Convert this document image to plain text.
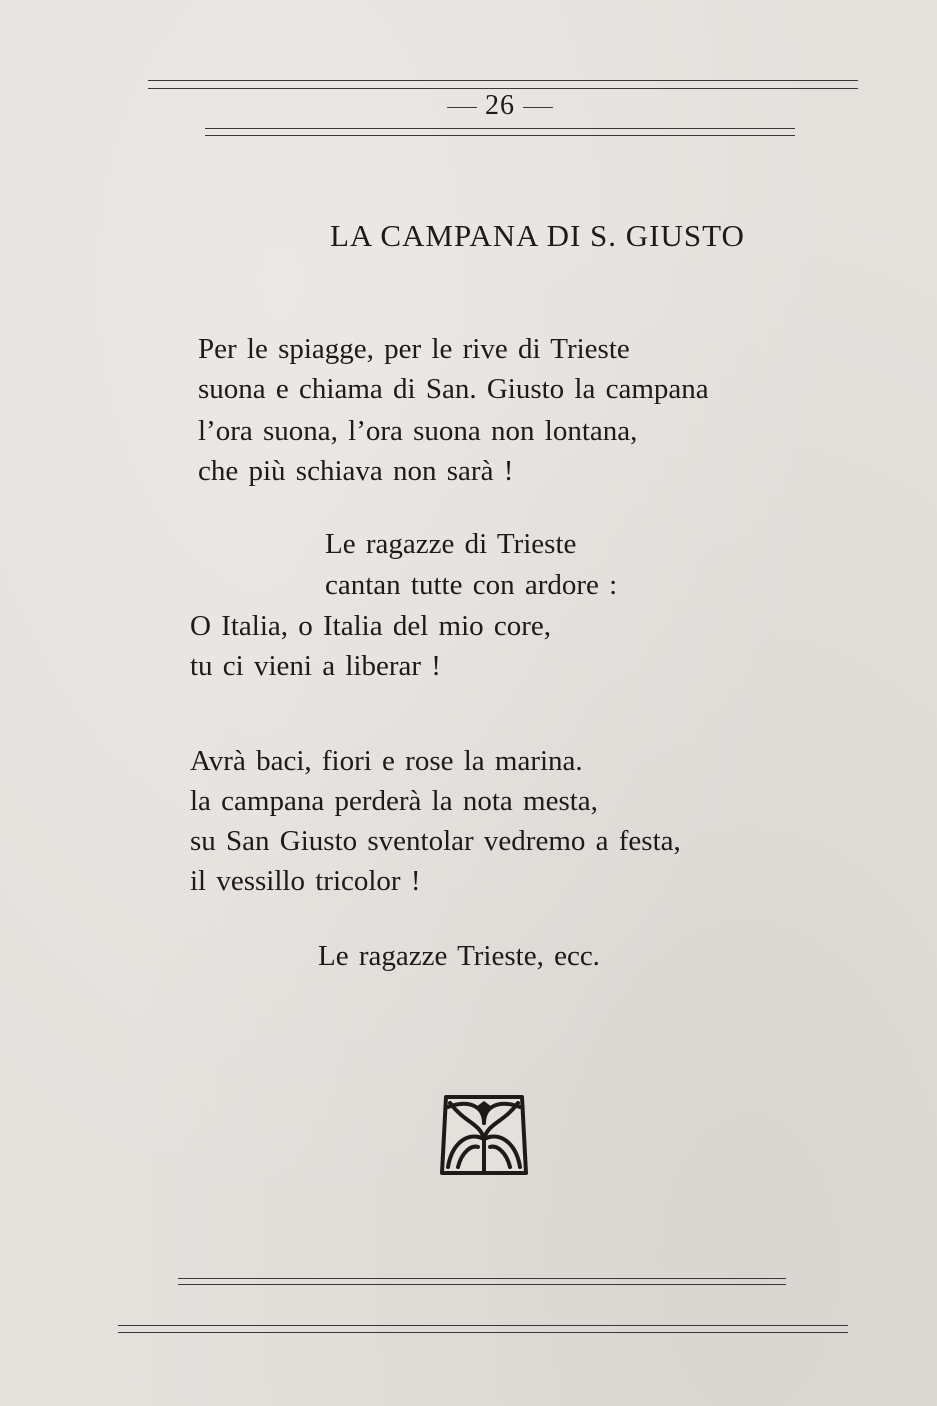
26
LA CAMPANA DI S. GIUSTO
Per le spiagge, per le rive di Trieste
suona e chiama di San. Giusto la campana
l’ora suona, l’ora suona non lontana,
che più schiava non sarà !
Le ragazze di Trieste
cantan tutte con ardore :
O Italia, o Italia del mio core,
tu ci vieni a liberar !
Avrà baci, fiori e rose la marina.
la campana perderà la nota mesta,
su San Giusto sventolar vedremo a festa,
il vessillo tricolor !
Le ragazze Trieste, ecc.
